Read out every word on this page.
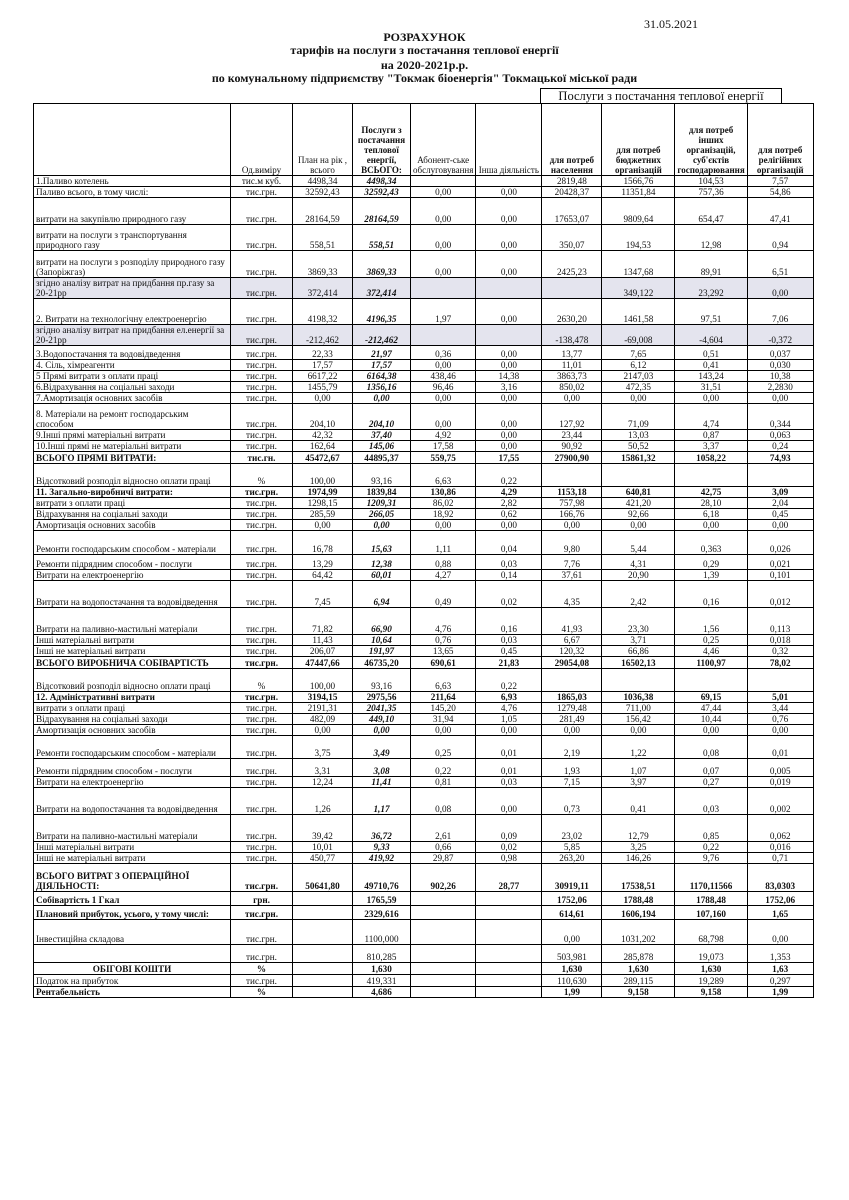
31.05.2021
РОЗРАХУНОК
тарифів на послуги з постачання теплової енергії
на 2020-2021р.р.
по комунальному підприємству "Токмак біоенергія" Токмацької міської ради
Послуги з постачання теплової енергії
	Од.виміру	План на рік , всього	Послуги з постачання теплової енергії, ВСЬОГО:	Абонент-ське обслуговування	Інша діяльність	для потреб населення	для потреб бюджетних організацій	для потреб інших організацій, суб'єктів господарювання	для потреб релігійних організацій
1.Паливо котелень	тис.м куб.	4498,34	4498,34			2819,48	1566,76	104,53	7,57
Паливо всього, в тому числі:	тис.грн.	32592,43	32592,43	0,00	0,00	20428,37	11351,84	757,36	54,86
витрати на закупівлю природного газу	тис.грн.	28164,59	28164,59	0,00	0,00	17653,07	9809,64	654,47	47,41
витрати на послуги з транспортування природного газу	тис.грн.	558,51	558,51	0,00	0,00	350,07	194,53	12,98	0,94
витрати на послуги з розподілу природного газу (Запоріжгаз)	тис.грн.	3869,33	3869,33	0,00	0,00	2425,23	1347,68	89,91	6,51
згідно аналізу витрат на придбання пр.газу за 20-21рр	тис.грн.	372,414	372,414				349,122	23,292	0,00
2. Витрати на технологічну електроенергію	тис.грн.	4198,32	4196,35	1,97	0,00	2630,20	1461,58	97,51	7,06
згідно аналізу витрат на придбання ел.енергії за 20-21рр	тис.грн.	-212,462	-212,462			-138,478	-69,008	-4,604	-0,372
3.Водопостачання та водовідведення	тис.грн.	22,33	21,97	0,36	0,00	13,77	7,65	0,51	0,037
4. Сіль, хімреагенти	тис.грн.	17,57	17,57	0,00	0,00	11,01	6,12	0,41	0,030
5 Прямі витрати з оплати праці	тис.грн.	6617,22	6164,38	438,46	14,38	3863,73	2147,03	143,24	10,38
6.Відрахування на соціальні заходи	тис.грн.	1455,79	1356,16	96,46	3,16	850,02	472,35	31,51	2,2830
7.Амортизація основних засобів	тис.грн.	0,00	0,00	0,00	0,00	0,00	0,00	0,00	0,00
8. Матеріали на ремонт господарським способом	тис.грн.	204,10	204,10	0,00	0,00	127,92	71,09	4,74	0,344
9.Інші прямі матеріальні витрати	тис.грн.	42,32	37,40	4,92	0,00	23,44	13,03	0,87	0,063
10.Інші прямі не матеріальні витрати	тис.грн.	162,64	145,06	17,58	0,00	90,92	50,52	3,37	0,24
ВСЬОГО ПРЯМІ ВИТРАТИ:	тис.гн.	45472,67	44895,37	559,75	17,55	27900,90	15861,32	1058,22	74,93
Відсотковий розподіл відносно оплати праці	%	100,00	93,16	6,63	0,22				
11. Загально-виробничі витрати:	тис.грн.	1974,99	1839,84	130,86	4,29	1153,18	640,81	42,75	3,09
витрати з оплати праці	тис.грн.	1298,15	1209,31	86,02	2,82	757,98	421,20	28,10	2,04
Відрахування на соціальні заходи	тис.грн.	285,59	266,05	18,92	0,62	166,76	92,66	6,18	0,45
Амортизація основних засобів	тис.грн.	0,00	0,00	0,00	0,00	0,00	0,00	0,00	0,00
Ремонти господарським способом - матеріали	тис.грн.	16,78	15,63	1,11	0,04	9,80	5,44	0,363	0,026
Ремонти підрядним способом - послуги	тис.грн.	13,29	12,38	0,88	0,03	7,76	4,31	0,29	0,021
Витрати на електроенергію	тис.грн.	64,42	60,01	4,27	0,14	37,61	20,90	1,39	0,101
Витрати на водопостачання та водовідведення	тис.грн.	7,45	6,94	0,49	0,02	4,35	2,42	0,16	0,012
Витрати на паливно-мастильні матеріали	тис.грн.	71,82	66,90	4,76	0,16	41,93	23,30	1,56	0,113
Інші матеріальні витрати	тис.грн.	11,43	10,64	0,76	0,03	6,67	3,71	0,25	0,018
Інші не матеріальні витрати	тис.грн.	206,07	191,97	13,65	0,45	120,32	66,86	4,46	0,32
ВСЬОГО ВИРОБНИЧА СОБІВАРТІСТЬ	тис.грн.	47447,66	46735,20	690,61	21,83	29054,08	16502,13	1100,97	78,02
Відсотковий розподіл відносно оплати праці	%	100,00	93,16	6,63	0,22				
12. Адміністративні витрати	тис.грн.	3194,15	2975,56	211,64	6,93	1865,03	1036,38	69,15	5,01
витрати з оплати праці	тис.грн.	2191,31	2041,35	145,20	4,76	1279,48	711,00	47,44	3,44
Відрахування на соціальні заходи	тис.грн.	482,09	449,10	31,94	1,05	281,49	156,42	10,44	0,76
Амортизація основних засобів	тис.грн.	0,00	0,00	0,00	0,00	0,00	0,00	0,00	0,00
Ремонти господарським способом - матеріали	тис.грн.	3,75	3,49	0,25	0,01	2,19	1,22	0,08	0,01
Ремонти підрядним способом - послуги	тис.грн.	3,31	3,08	0,22	0,01	1,93	1,07	0,07	0,005
Витрати на електроенергію	тис.грн.	12,24	11,41	0,81	0,03	7,15	3,97	0,27	0,019
Витрати на водопостачання та водовідведення	тис.грн.	1,26	1,17	0,08	0,00	0,73	0,41	0,03	0,002
Витрати на паливно-мастильні матеріали	тис.грн.	39,42	36,72	2,61	0,09	23,02	12,79	0,85	0,062
Інші матеріальні витрати	тис.грн.	10,01	9,33	0,66	0,02	5,85	3,25	0,22	0,016
Інші не матеріальні витрати	тис.грн.	450,77	419,92	29,87	0,98	263,20	146,26	9,76	0,71
ВСЬОГО ВИТРАТ З ОПЕРАЦІЙНОЇ ДІЯЛЬНОСТІ:	тис.грн.	50641,80	49710,76	902,26	28,77	30919,11	17538,51	1170,11566	83,0303
Собівартість 1 Гкал	грн.		1765,59			1752,06	1788,48	1788,48	1752,06
Плановий прибуток, усього, у тому числі:	тис.грн.		2329,616			614,61	1606,194	107,160	1,65
Інвестиційна складова	тис.грн.		1100,000			0,00	1031,202	68,798	0,00
	тис.грн.		810,285			503,981	285,878	19,073	1,353
ОБІГОВІ КОШТИ	%		1,630			1,630	1,630	1,630	1,63
Податок на прибуток	тис.грн.		419,331			110,630	289,115	19,289	0,297
Рентабельність	%		4,686			1,99	9,158	9,158	1,99
